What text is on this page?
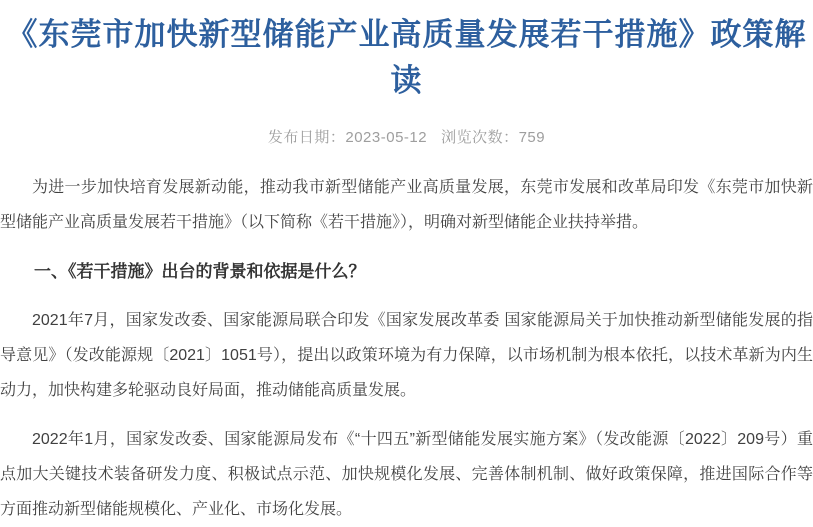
《东莞市加快新型储能产业高质量发展若干措施》政策解读
发布日期：2023-05-12 浏览次数：759

为进一步加快培育发展新动能，推动我市新型储能产业高质量发展，东莞市发展和改革局印发《东莞市加快新型储能产业高质量发展若干措施》（以下简称《若干措施》），明确对新型储能企业扶持举措。

一、《若干措施》出台的背景和依据是什么？

2021年7月，国家发改委、国家能源局联合印发《国家发展改革委 国家能源局关于加快推动新型储能发展的指导意见》（发改能源规〔2021〕1051号），提出以政策环境为有力保障，以市场机制为根本依托，以技术革新为内生动力，加快构建多轮驱动良好局面，推动储能高质量发展。

2022年1月，国家发改委、国家能源局发布《“十四五”新型储能发展实施方案》（发改能源〔2022〕209号）重点加大关键技术装备研发力度、积极试点示范、加快规模化发展、完善体制机制、做好政策保障，推进国际合作等方面推动新型储能规模化、产业化、市场化发展。
